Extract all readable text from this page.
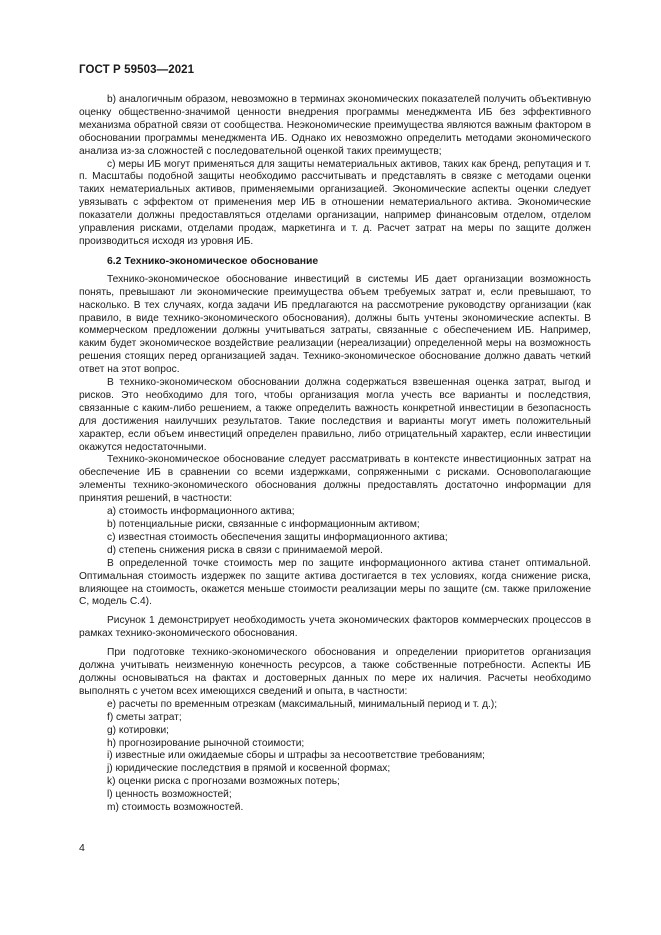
ГОСТ Р 59503—2021

b) аналогичным образом, невозможно в терминах экономических показателей получить объективную оценку общественно-значимой ценности внедрения программы менеджмента ИБ без эффективного механизма обратной связи от сообщества. Неэкономические преимущества являются важным фактором в обосновании программы менеджмента ИБ. Однако их невозможно определить методами экономического анализа из-за сложностей с последовательной оценкой таких преимуществ;

с) меры ИБ могут применяться для защиты нематериальных активов, таких как бренд, репутация и т. п. Масштабы подобной защиты необходимо рассчитывать и представлять в связке с методами оценки таких нематериальных активов, применяемыми организацией. Экономические аспекты оценки следует увязывать с эффектом от применения мер ИБ в отношении нематериального актива. Экономические показатели должны предоставляться отделами организации, например финансовым отделом, отделом управления рисками, отделами продаж, маркетинга и т. д. Расчет затрат на меры по защите должен производиться исходя из уровня ИБ.

6.2 Технико-экономическое обоснование

Технико-экономическое обоснование инвестиций в системы ИБ дает организации возможность понять, превышают ли экономические преимущества объем требуемых затрат и, если превышают, то насколько. В тех случаях, когда задачи ИБ предлагаются на рассмотрение руководству организации (как правило, в виде технико-экономического обоснования), должны быть учтены экономические аспекты. В коммерческом предложении должны учитываться затраты, связанные с обеспечением ИБ. Например, каким будет экономическое воздействие реализации (нереализации) определенной меры на возможность решения стоящих перед организацией задач. Технико-экономическое обоснование должно давать четкий ответ на этот вопрос.

В технико-экономическом обосновании должна содержаться взвешенная оценка затрат, выгод и рисков. Это необходимо для того, чтобы организация могла учесть все варианты и последствия, связанные с каким-либо решением, а также определить важность конкретной инвестиции в безопасность для достижения наилучших результатов. Такие последствия и варианты могут иметь положительный характер, если объем инвестиций определен правильно, либо отрицательный характер, если инвестиции окажутся недостаточными.

Технико-экономическое обоснование следует рассматривать в контексте инвестиционных затрат на обеспечение ИБ в сравнении со всеми издержками, сопряженными с рисками. Основополагающие элементы технико-экономического обоснования должны предоставлять достаточно информации для принятия решений, в частности:

a) стоимость информационного актива;
b) потенциальные риски, связанные с информационным активом;
c) известная стоимость обеспечения защиты информационного актива;
d) степень снижения риска в связи с принимаемой мерой.

В определенной точке стоимость мер по защите информационного актива станет оптимальной. Оптимальная стоимость издержек по защите актива достигается в тех условиях, когда снижение риска, влияющее на стоимость, окажется меньше стоимости реализации меры по защите (см. также приложение С, модель С.4).

Рисунок 1 демонстрирует необходимость учета экономических факторов коммерческих процессов в рамках технико-экономического обоснования.

При подготовке технико-экономического обоснования и определении приоритетов организация должна учитывать неизменную конечность ресурсов, а также собственные потребности. Аспекты ИБ должны основываться на фактах и достоверных данных по мере их наличия. Расчеты необходимо выполнять с учетом всех имеющихся сведений и опыта, в частности:

e) расчеты по временным отрезкам (максимальный, минимальный период и т. д.);
f) сметы затрат;
g) котировки;
h) прогнозирование рыночной стоимости;
i) известные или ожидаемые сборы и штрафы за несоответствие требованиям;
j) юридические последствия в прямой и косвенной формах;
k) оценки риска с прогнозами возможных потерь;
l) ценность возможностей;
m) стоимость возможностей.
4
